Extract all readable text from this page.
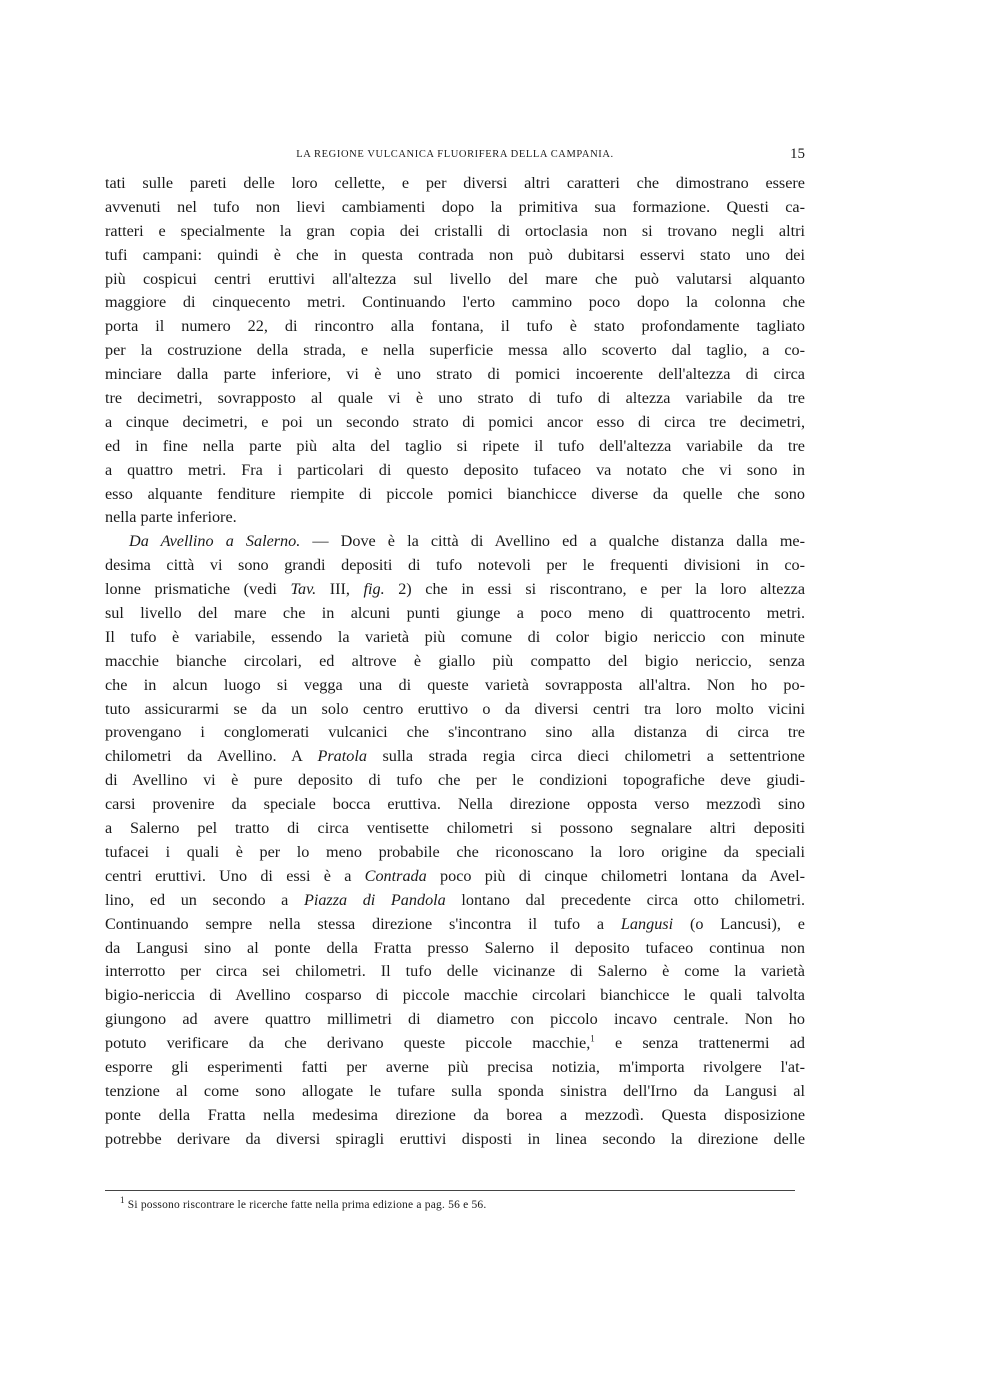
LA REGIONE VULCANICA FLUORIFERA DELLA CAMPANIA.	15
tati sulle pareti delle loro cellette, e per diversi altri caratteri che dimostrano essere
avvenuti nel tufo non lievi cambiamenti dopo la primitiva sua formazione. Questi ca-
ratteri e specialmente la gran copia dei cristalli di ortoclasia non si trovano negli altri
tufi campani: quindi è che in questa contrada non può dubitarsi esservi stato uno dei
più cospicui centri eruttivi all'altezza sul livello del mare che può valutarsi alquanto
maggiore di cinquecento metri. Continuando l'erto cammino poco dopo la colonna che
porta il numero 22, di rincontro alla fontana, il tufo è stato profondamente tagliato
per la costruzione della strada, e nella superficie messa allo scoverto dal taglio, a co-
minciare dalla parte inferiore, vi è uno strato di pomici incoerente dell'altezza di circa
tre decimetri, sovrapposto al quale vi è uno strato di tufo di altezza variabile da tre
a cinque decimetri, e poi un secondo strato di pomici ancor esso di circa tre decimetri,
ed in fine nella parte più alta del taglio si ripete il tufo dell'altezza variabile da tre
a quattro metri. Fra i particolari di questo deposito tufaceo va notato che vi sono in
esso alquante fenditure riempite di piccole pomici bianchicce diverse da quelle che sono
nella parte inferiore.
Da Avellino a Salerno. — Dove è la città di Avellino ed a qualche distanza dalla me-
desima città vi sono grandi depositi di tufo notevoli per le frequenti divisioni in co-
lonne prismatiche (vedi Tav. III, fig. 2) che in essi si riscontrano, e per la loro altezza
sul livello del mare che in alcuni punti giunge a poco meno di quattrocento metri.
Il tufo è variabile, essendo la varietà più comune di color bigio nericcio con minute
macchie bianche circolari, ed altrove è giallo più compatto del bigio nericcio, senza
che in alcun luogo si vegga una di queste varietà sovrapposta all'altra. Non ho po-
tuto assicurarmi se da un solo centro eruttivo o da diversi centri tra loro molto vicini
provengano i conglomerati vulcanici che s'incontrano sino alla distanza di circa tre
chilometri da Avellino. A Pratola sulla strada regia circa dieci chilometri a settentrione
di Avellino vi è pure deposito di tufo che per le condizioni topografiche deve giudi-
carsi provenire da speciale bocca eruttiva. Nella direzione opposta verso mezzodì sino
a Salerno pel tratto di circa ventisette chilometri si possono segnalare altri depositi
tufacei i quali è per lo meno probabile che riconoscano la loro origine da speciali
centri eruttivi. Uno di essi è a Contrada poco più di cinque chilometri lontana da Avel-
lino, ed un secondo a Piazza di Pandola lontano dal precedente circa otto chilometri.
Continuando sempre nella stessa direzione s'incontra il tufo a Langusi (o Lancusi), e
da Langusi sino al ponte della Fratta presso Salerno il deposito tufaceo continua non
interrotto per circa sei chilometri. Il tufo delle vicinanze di Salerno è come la varietà
bigio-nericcia di Avellino cosparso di piccole macchie circolari bianchicce le quali talvolta
giungono ad avere quattro millimetri di diametro con piccolo incavo centrale. Non ho
potuto verificare da che derivano queste piccole macchie,$^1$ e senza trattenermi ad
esporre gli esperimenti fatti per averne più precisa notizia, m'importa rivolgere l'at-
tenzione al come sono allogate le tufare sulla sponda sinistra dell'Irno da Langusi al
ponte della Fratta nella medesima direzione da borea a mezzodì. Questa disposizione
potrebbe derivare da diversi spiragli eruttivi disposti in linea secondo la direzione delle
$^1$ Si possono riscontrare le ricerche fatte nella prima edizione a pag. 56 e 56.
